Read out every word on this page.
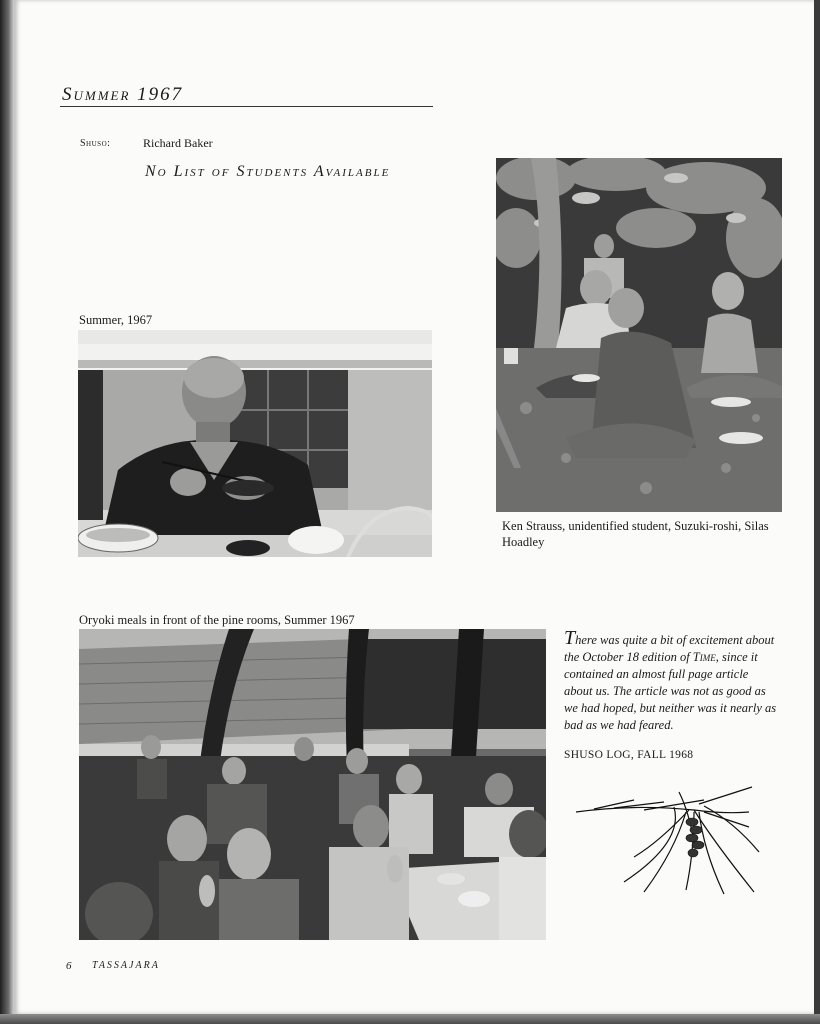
Summer 1967
Shuso:	Richard Baker
No List of Students Available
Summer, 1967
Ken Strauss, unidentified student, Suzuki-roshi, Silas Hoadley
Oryoki meals in front of the pine rooms, Summer 1967
There was quite a bit of excitement about the October 18 edition of Time, since it contained an almost full page article about us. The article was not as good as we had hoped, but neither was it nearly as bad as we had feared.
SHUSO LOG, FALL 1968
6 TASSAJARA
